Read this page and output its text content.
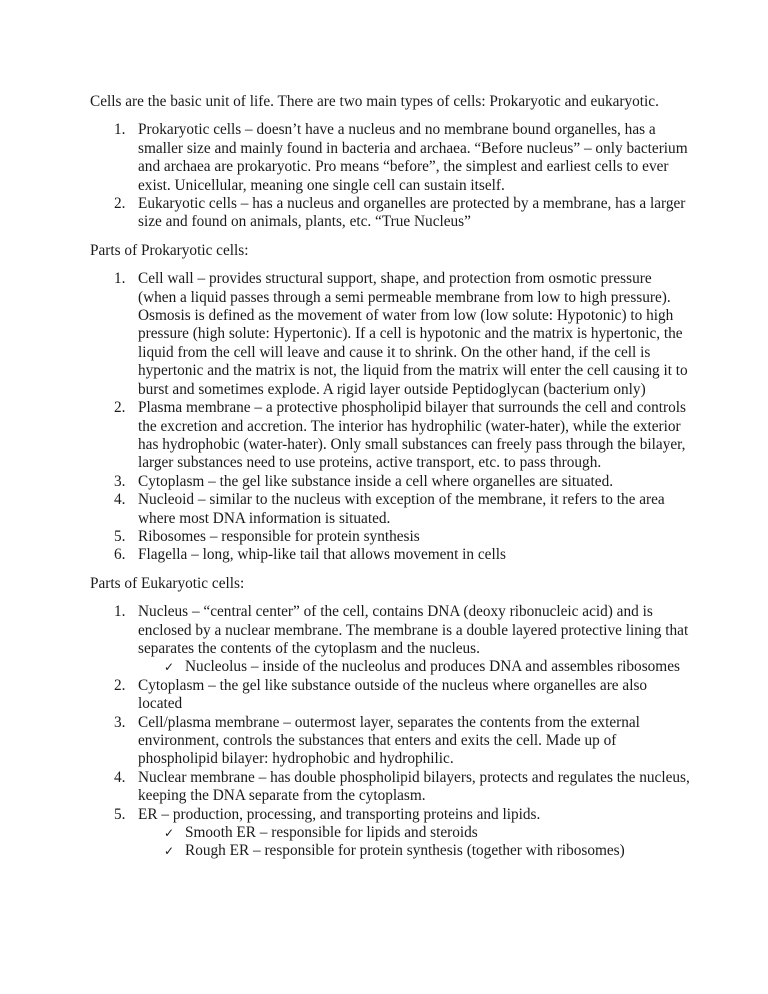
Cells are the basic unit of life. There are two main types of cells: Prokaryotic and eukaryotic.

1. Prokaryotic cells – doesn’t have a nucleus and no membrane bound organelles, has a smaller size and mainly found in bacteria and archaea. “Before nucleus” – only bacterium and archaea are prokaryotic. Pro means “before”, the simplest and earliest cells to ever exist. Unicellular, meaning one single cell can sustain itself.
2. Eukaryotic cells – has a nucleus and organelles are protected by a membrane, has a larger size and found on animals, plants, etc. “True Nucleus”

Parts of Prokaryotic cells:

1. Cell wall – provides structural support, shape, and protection from osmotic pressure (when a liquid passes through a semi permeable membrane from low to high pressure). Osmosis is defined as the movement of water from low (low solute: Hypotonic) to high pressure (high solute: Hypertonic). If a cell is hypotonic and the matrix is hypertonic, the liquid from the cell will leave and cause it to shrink. On the other hand, if the cell is hypertonic and the matrix is not, the liquid from the matrix will enter the cell causing it to burst and sometimes explode. A rigid layer outside Peptidoglycan (bacterium only)
2. Plasma membrane – a protective phospholipid bilayer that surrounds the cell and controls the excretion and accretion. The interior has hydrophilic (water-hater), while the exterior has hydrophobic (water-hater). Only small substances can freely pass through the bilayer, larger substances need to use proteins, active transport, etc. to pass through.
3. Cytoplasm – the gel like substance inside a cell where organelles are situated.
4. Nucleoid – similar to the nucleus with exception of the membrane, it refers to the area where most DNA information is situated.
5. Ribosomes – responsible for protein synthesis
6. Flagella – long, whip-like tail that allows movement in cells

Parts of Eukaryotic cells:

1. Nucleus – “central center” of the cell, contains DNA (deoxy ribonucleic acid) and is enclosed by a nuclear membrane. The membrane is a double layered protective lining that separates the contents of the cytoplasm and the nucleus.
✓ Nucleolus – inside of the nucleolus and produces DNA and assembles ribosomes
2. Cytoplasm – the gel like substance outside of the nucleus where organelles are also located
3. Cell/plasma membrane – outermost layer, separates the contents from the external environment, controls the substances that enters and exits the cell. Made up of phospholipid bilayer: hydrophobic and hydrophilic.
4. Nuclear membrane – has double phospholipid bilayers, protects and regulates the nucleus, keeping the DNA separate from the cytoplasm.
5. ER – production, processing, and transporting proteins and lipids.
✓ Smooth ER – responsible for lipids and steroids
✓ Rough ER – responsible for protein synthesis (together with ribosomes)
